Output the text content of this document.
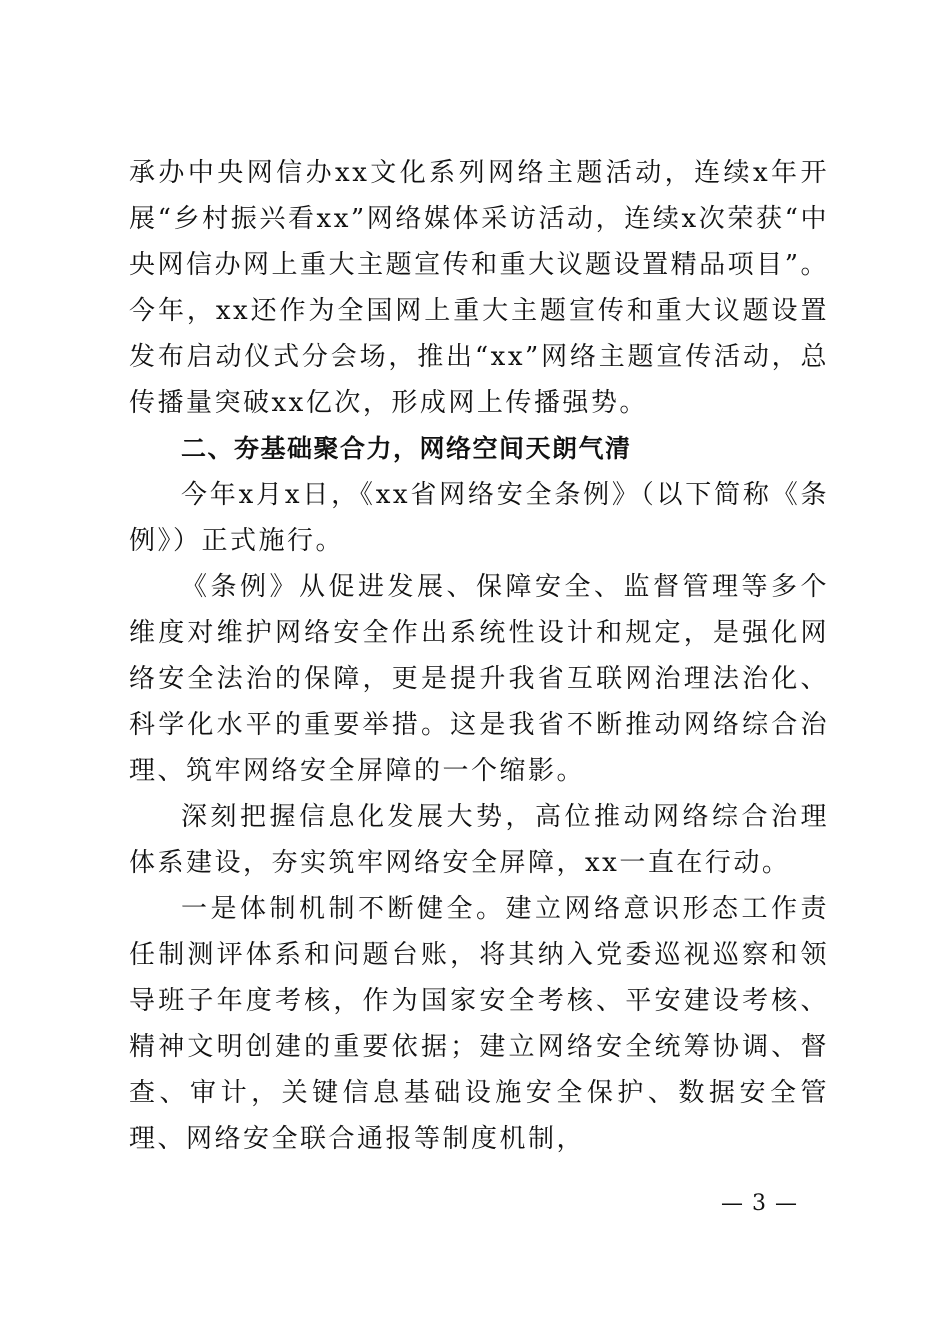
承办中央网信办xx文化系列网络主题活动，连续x年开展“乡村振兴看xx”网络媒体采访活动，连续x次荣获“中央网信办网上重大主题宣传和重大议题设置精品项目”。今年，xx还作为全国网上重大主题宣传和重大议题设置发布启动仪式分会场，推出“xx”网络主题宣传活动，总传播量突破xx亿次，形成网上传播强势。

二、夯基础聚合力，网络空间天朗气清

今年x月x日，《xx省网络安全条例》（以下简称《条例》）正式施行。

《条例》从促进发展、保障安全、监督管理等多个维度对维护网络安全作出系统性设计和规定，是强化网络安全法治的保障，更是提升我省互联网治理法治化、科学化水平的重要举措。这是我省不断推动网络综合治理、筑牢网络安全屏障的一个缩影。

深刻把握信息化发展大势，高位推动网络综合治理体系建设，夯实筑牢网络安全屏障，xx一直在行动。

一是体制机制不断健全。建立网络意识形态工作责任制测评体系和问题台账，将其纳入党委巡视巡察和领导班子年度考核，作为国家安全考核、平安建设考核、精神文明创建的重要依据；建立网络安全统筹协调、督查、审计，关键信息基础设施安全保护、数据安全管理、网络安全联合通报等制度机制，

— 3 —
